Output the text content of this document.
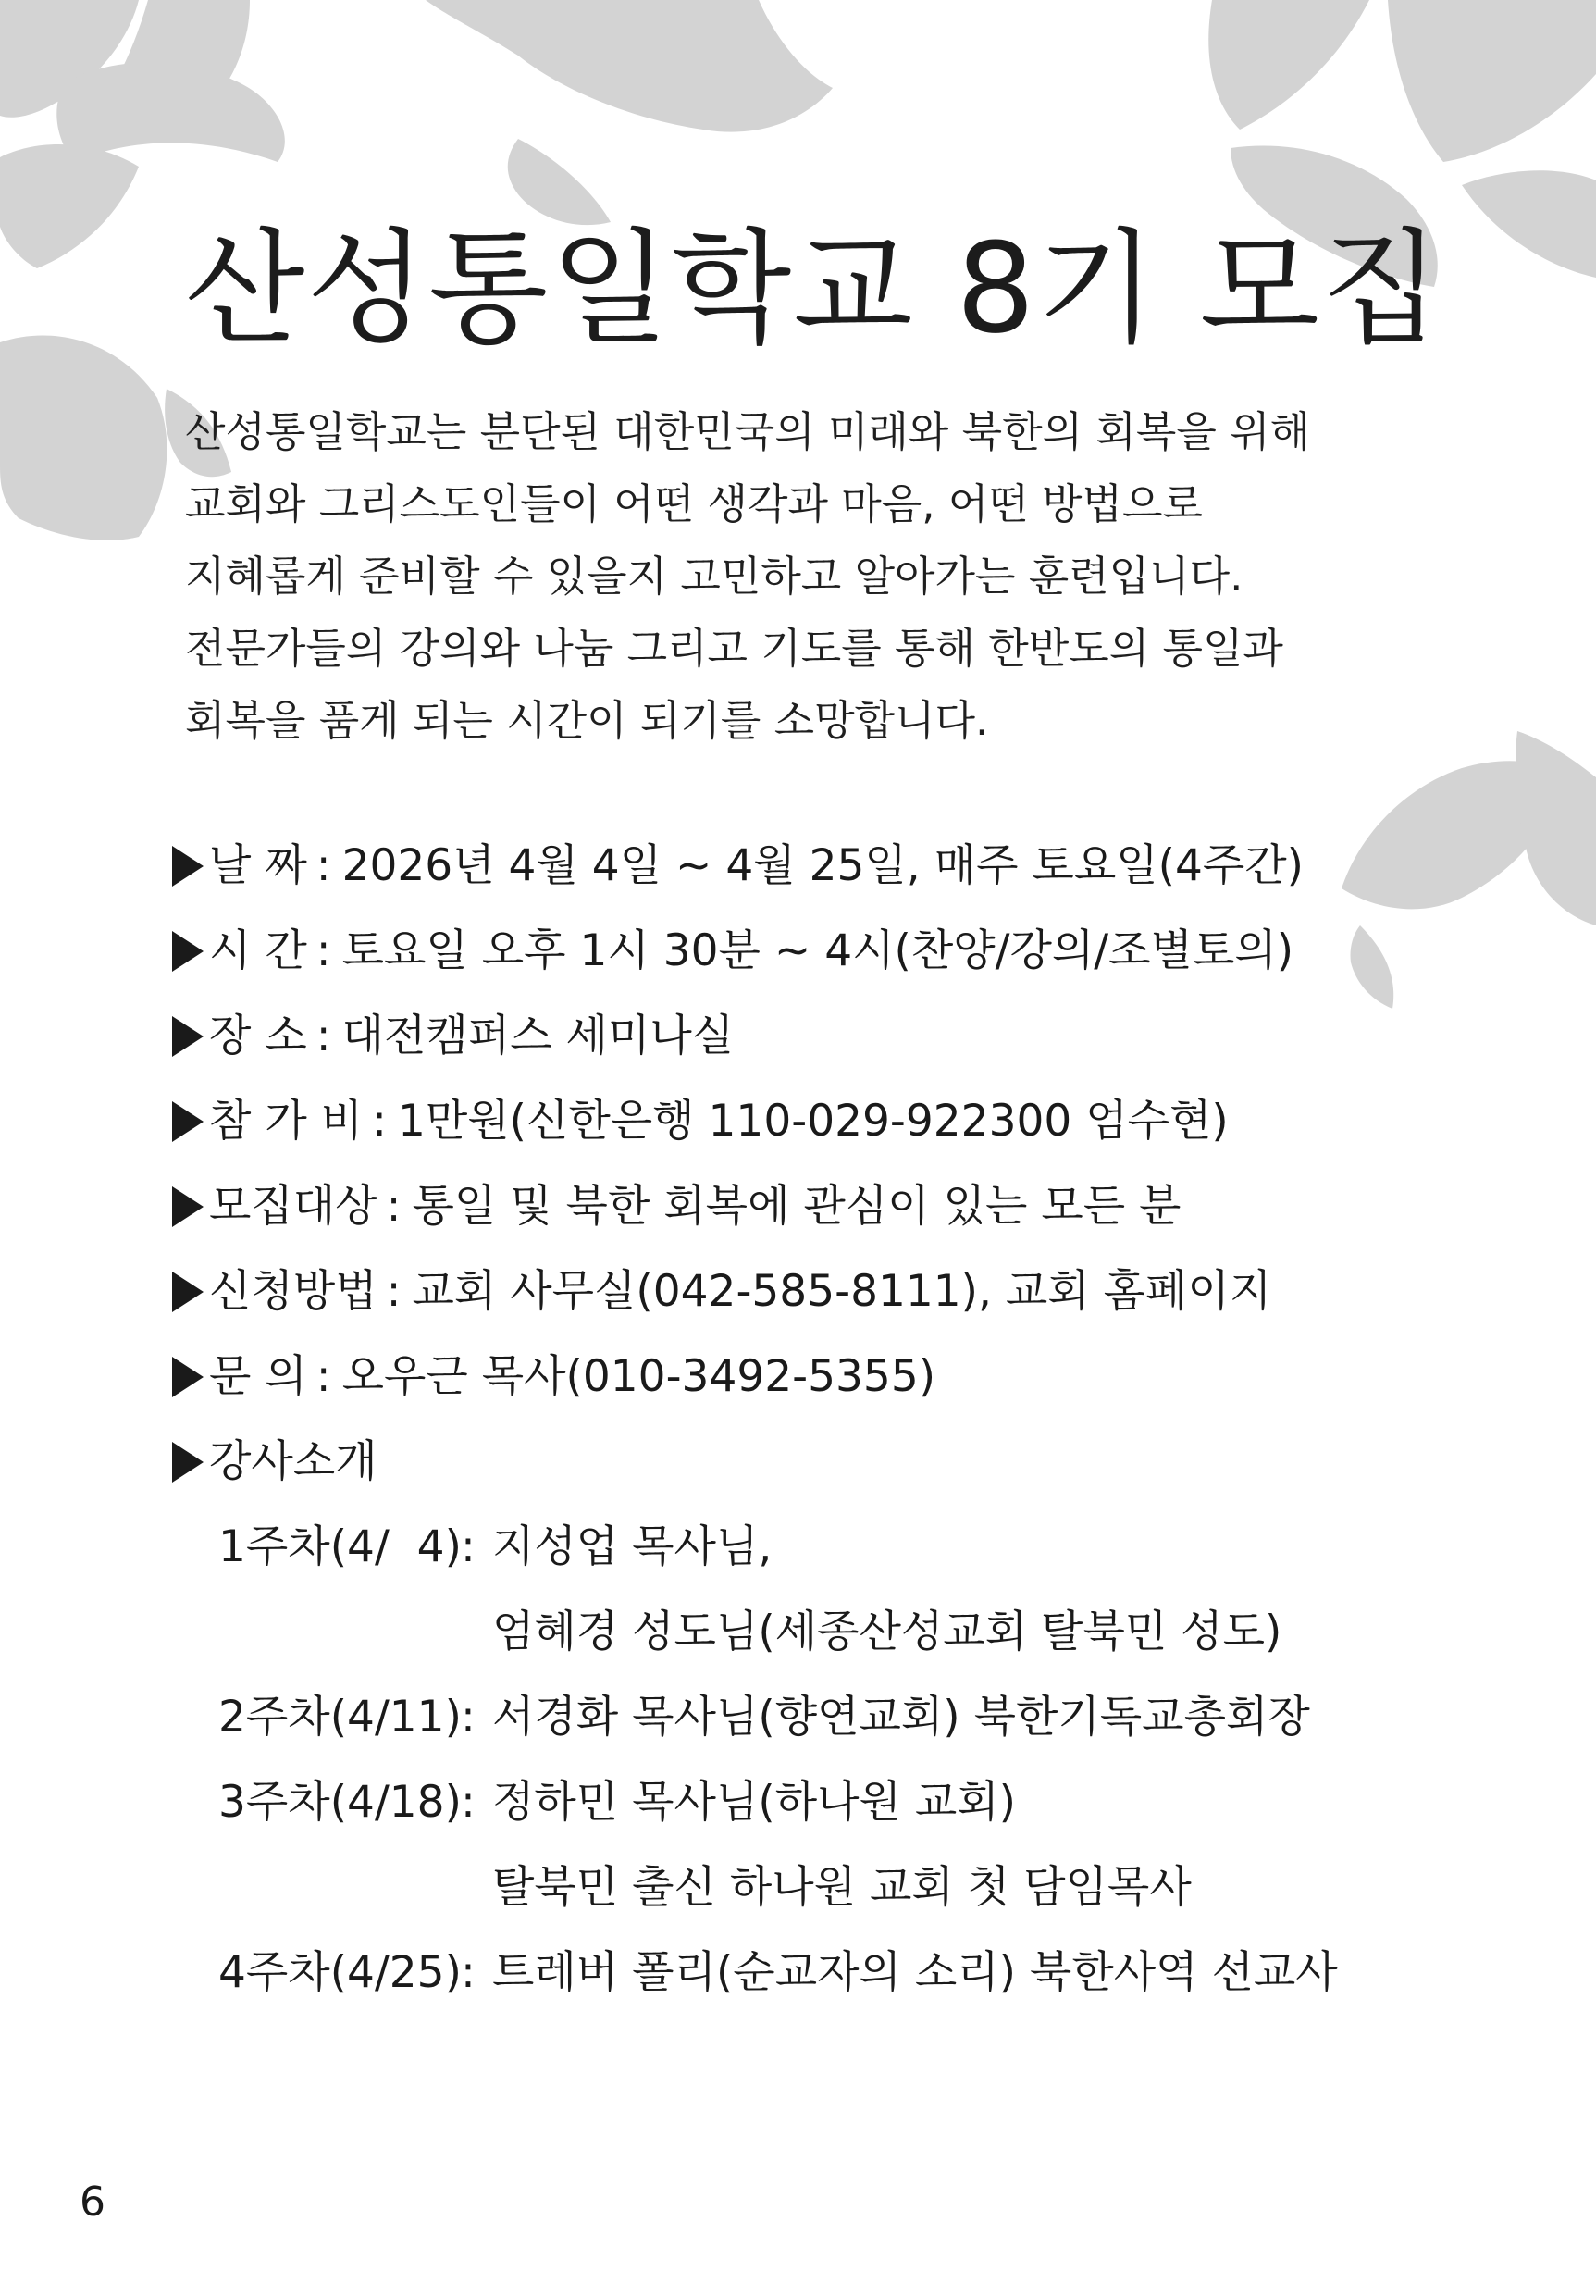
산성통일학교 8기 모집
산성통일학교는 분단된 대한민국의 미래와 북한의 회복을 위해
교회와 그리스도인들이 어떤 생각과 마음, 어떤 방법으로
지혜롭게 준비할 수 있을지 고민하고 알아가는 훈련입니다.
전문가들의 강의와 나눔 그리고 기도를 통해 한반도의 통일과
회복을 품게 되는 시간이 되기를 소망합니다.
날 짜 : 2026년 4월 4일 ~ 4월 25일, 매주 토요일(4주간)
시 간 : 토요일 오후 1시 30분 ~ 4시(찬양/강의/조별토의)
장 소 : 대전캠퍼스 세미나실
참 가 비 : 1만원(신한은행 110-029-922300 엄수현)
모집대상 : 통일 및 북한 회복에 관심이 있는 모든 분
신청방법 : 교회 사무실(042-585-8111), 교회 홈페이지
문 의 : 오우근 목사(010-3492-5355)
강사소개
1주차(4/  4) : 지성업 목사님,
엄혜경 성도님(세종산성교회 탈북민 성도)
2주차(4/11) : 서경화 목사님(향연교회) 북한기독교총회장
3주차(4/18) : 정하민 목사님(하나원 교회)
탈북민 출신 하나원 교회 첫 담임목사
4주차(4/25) : 트레버 폴리(순교자의 소리) 북한사역 선교사
6
